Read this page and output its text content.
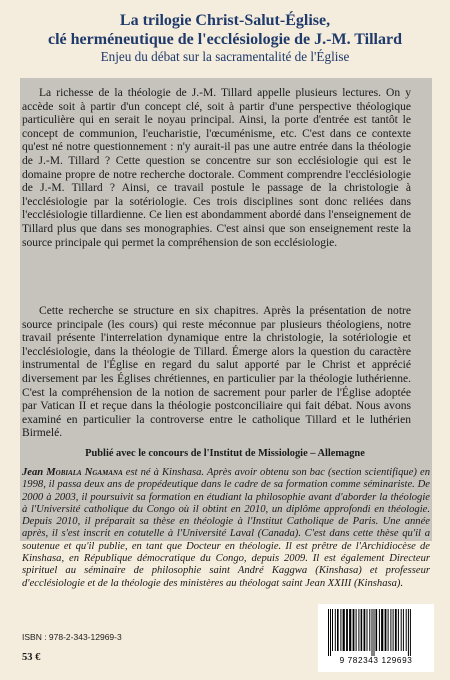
La trilogie Christ-Salut-Église,
clé herméneutique de l'ecclésiologie de J.-M. Tillard
Enjeu du débat sur la sacramentalité de l'Église

La richesse de la théologie de J.-M. Tillard appelle plusieurs lectures. On y accède soit à partir d'un concept clé, soit à partir d'une perspective théologique particulière qui en serait le noyau principal. Ainsi, la porte d'entrée est tantôt le concept de communion, l'eucharistie, l'œcuménisme, etc. C'est dans ce contexte qu'est né notre questionnement : n'y aurait-il pas une autre entrée dans la théologie de J.-M. Tillard ? Cette question se concentre sur son ecclésiologie qui est le domaine propre de notre recherche doctorale. Comment comprendre l'ecclésiologie de J.-M. Tillard ? Ainsi, ce travail postule le passage de la christologie à l'ecclésiologie par la sotériologie. Ces trois disciplines sont donc reliées dans l'ecclésiologie tillardienne. Ce lien est abondamment abordé dans l'enseignement de Tillard plus que dans ses monographies. C'est ainsi que son enseignement reste la source principale qui permet la compréhension de son ecclésiologie.

Cette recherche se structure en six chapitres. Après la présentation de notre source principale (les cours) qui reste méconnue par plusieurs théologiens, notre travail présente l'interrelation dynamique entre la christologie, la sotériologie et l'ecclésiologie, dans la théologie de Tillard. Émerge alors la question du caractère instrumental de l'Église en regard du salut apporté par le Christ et apprécié diversement par les Églises chrétiennes, en particulier par la théologie luthérienne. C'est la compréhension de la notion de sacrement pour parler de l'Église adoptée par Vatican II et reçue dans la théologie postconciliaire qui fait débat. Nous avons examiné en particulier la controverse entre le catholique Tillard et le luthérien Birmelé.

Publié avec le concours de l'Institut de Missiologie – Allemagne

Jean Mobiala Ngamana est né à Kinshasa. Après avoir obtenu son bac (section scientifique) en 1998, il passa deux ans de propédeutique dans le cadre de sa formation comme séminariste. De 2000 à 2003, il poursuivit sa formation en étudiant la philosophie avant d'aborder la théologie à l'Université catholique du Congo où il obtint en 2010, un diplôme approfondi en théologie. Depuis 2010, il préparait sa thèse en théologie à l'Institut Catholique de Paris. Une année après, il s'est inscrit en cotutelle à l'Université Laval (Canada). C'est dans cette thèse qu'il a soutenue et qu'il publie, en tant que Docteur en théologie. Il est prêtre de l'Archidiocèse de Kinshasa, en République démocratique du Congo, depuis 2009. Il est également Directeur spirituel au séminaire de philosophie saint André Kaggwa (Kinshasa) et professeur d'ecclésiologie et de la théologie des ministères au théologat saint Jean XXIII (Kinshasa).

ISBN : 978-2-343-12969-3
53 €	9 782343 129693
